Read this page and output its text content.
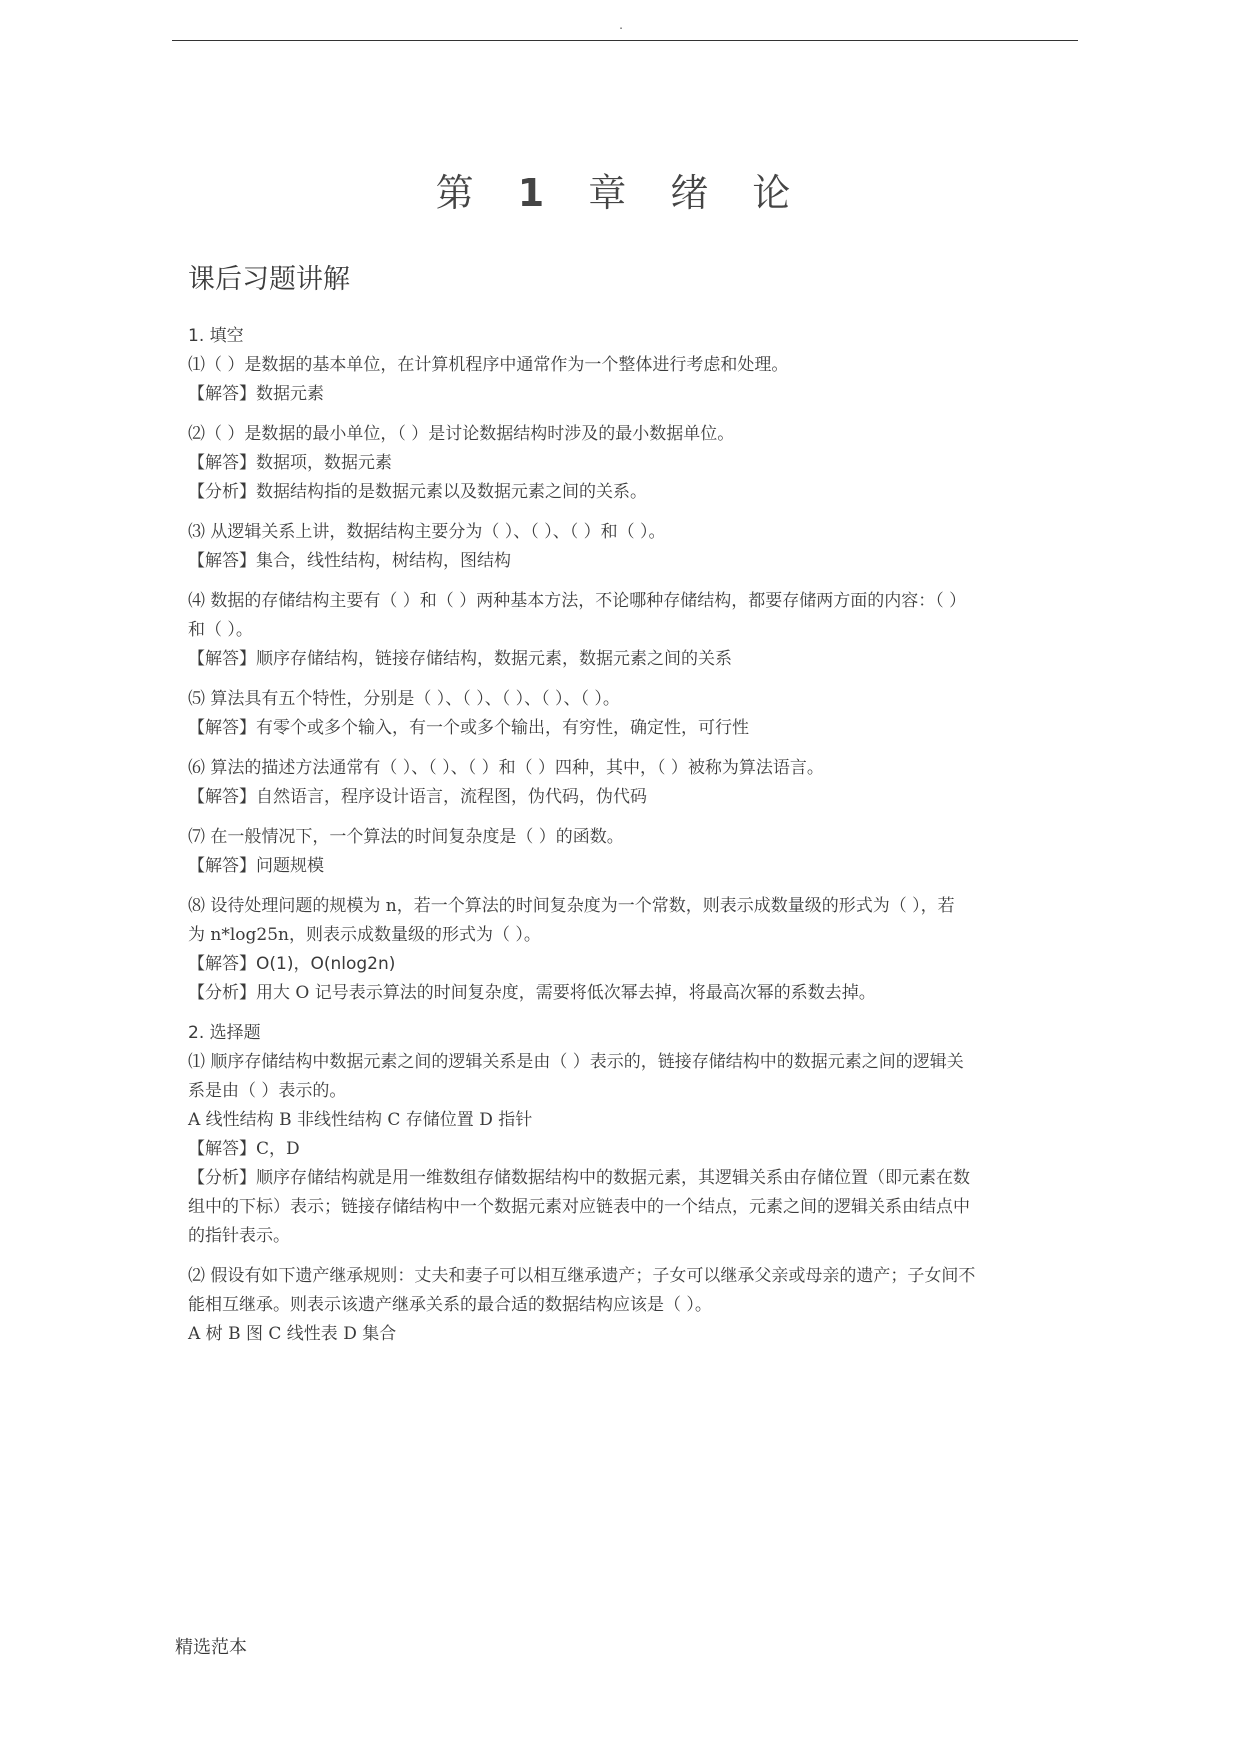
.
第 1 章 绪 论
课后习题讲解

1. 填空

⑴（ ）是数据的基本单位，在计算机程序中通常作为一个整体进行考虑和处理。
【解答】数据元素
⑵（ ）是数据的最小单位，（ ）是讨论数据结构时涉及的最小数据单位。
【解答】数据项，数据元素
【分析】数据结构指的是数据元素以及数据元素之间的关系。
⑶ 从逻辑关系上讲，数据结构主要分为（ ）、（ ）、（ ）和（ ）。
【解答】集合，线性结构，树结构，图结构
⑷ 数据的存储结构主要有（ ）和（ ）两种基本方法，不论哪种存储结构，都要存储两方面的内容：（ ）
和（ ）。
【解答】顺序存储结构，链接存储结构，数据元素，数据元素之间的关系
⑸ 算法具有五个特性，分别是（ ）、（ ）、（ ）、（ ）、（ ）。
【解答】有零个或多个输入，有一个或多个输出，有穷性，确定性，可行性
⑹ 算法的描述方法通常有（ ）、（ ）、（ ）和（ ）四种，其中，（ ）被称为算法语言。
【解答】自然语言，程序设计语言，流程图，伪代码，伪代码
⑺ 在一般情况下，一个算法的时间复杂度是（ ）的函数。
【解答】问题规模
⑻ 设待处理问题的规模为 n，若一个算法的时间复杂度为一个常数，则表示成数量级的形式为（ ），若
为 n*log25n，则表示成数量级的形式为（ ）。
【解答】O(1)，O(nlog2n)
【分析】用大 O 记号表示算法的时间复杂度，需要将低次幂去掉，将最高次幂的系数去掉。

2. 选择题

⑴ 顺序存储结构中数据元素之间的逻辑关系是由（ ）表示的，链接存储结构中的数据元素之间的逻辑关
系是由（ ）表示的。
A 线性结构 B 非线性结构 C 存储位置 D 指针
【解答】C，D
【分析】顺序存储结构就是用一维数组存储数据结构中的数据元素，其逻辑关系由存储位置（即元素在数
组中的下标）表示；链接存储结构中一个数据元素对应链表中的一个结点，元素之间的逻辑关系由结点中
的指针表示。
⑵ 假设有如下遗产继承规则：丈夫和妻子可以相互继承遗产；子女可以继承父亲或母亲的遗产；子女间不
能相互继承。则表示该遗产继承关系的最合适的数据结构应该是（ ）。
A 树 B 图 C 线性表 D 集合
精选范本
